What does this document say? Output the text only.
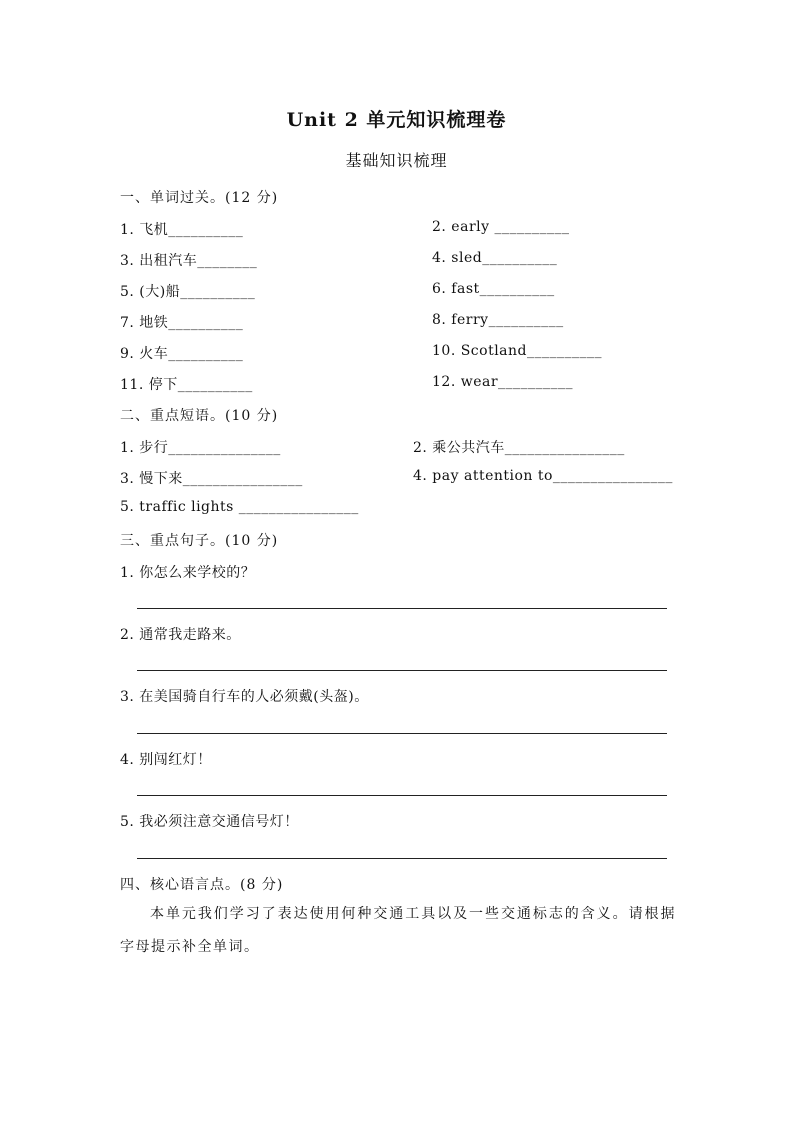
Unit 2 单元知识梳理卷
基础知识梳理
一、单词过关。(12 分)
1. 飞机__________	2. early __________
3. 出租汽车________	4. sled__________
5. (大)船__________	6. fast__________
7. 地铁__________	8. ferry__________
9. 火车__________	10. Scotland__________
11. 停下__________	12. wear__________
二、重点短语。(10 分)
1. 步行_______________	2. 乘公共汽车________________
3. 慢下来________________	4. pay attention to________________
5. traffic lights ________________
三、重点句子。(10 分)
1. 你怎么来学校的？
2. 通常我走路来。
3. 在美国骑自行车的人必须戴(头盔)。
4. 别闯红灯！
5. 我必须注意交通信号灯！
四、核心语言点。(8 分)
本单元我们学习了表达使用何种交通工具以及一些交通标志的含义。请根据字母提示补全单词。
